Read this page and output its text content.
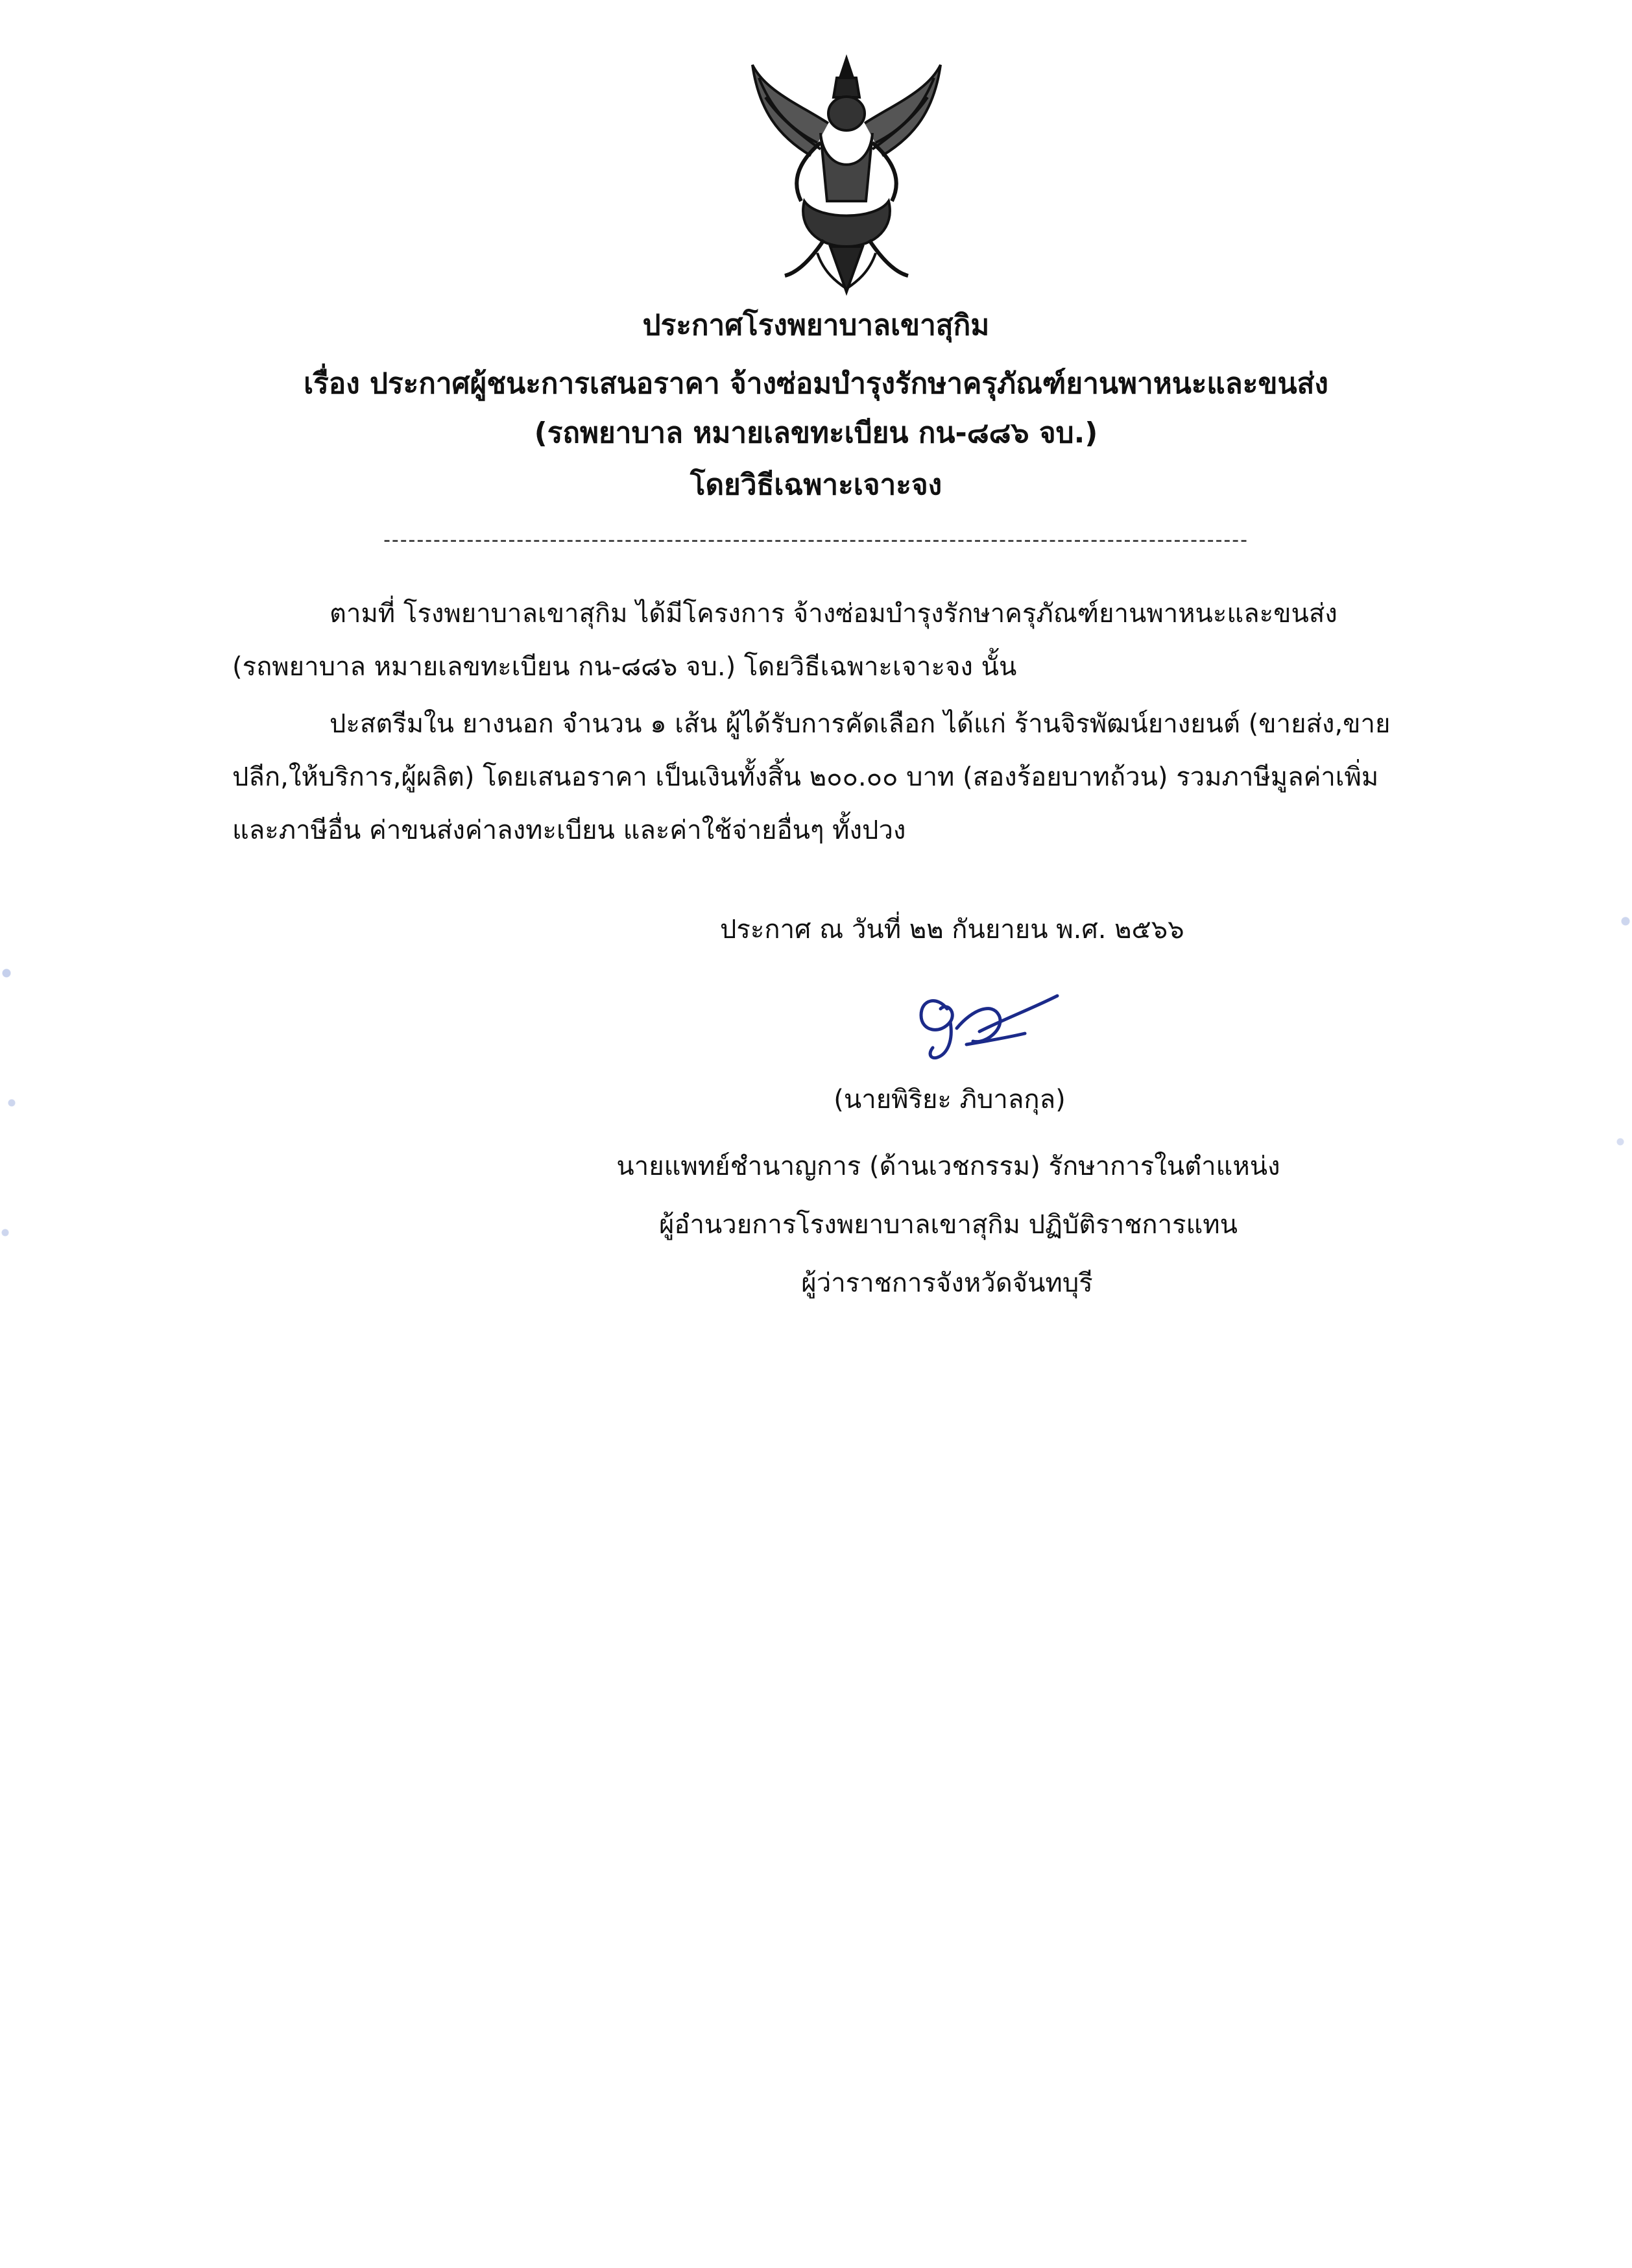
ประกาศโรงพยาบาลเขาสุกิม
เรื่อง ประกาศผู้ชนะการเสนอราคา จ้างซ่อมบำรุงรักษาครุภัณฑ์ยานพาหนะและขนส่ง
(รถพยาบาล หมายเลขทะเบียน กน-๘๘๖ จบ.)
โดยวิธีเฉพาะเจาะจง
--------------------------------------------------------------------------------------------------------
ตามที่ โรงพยาบาลเขาสุกิม ได้มีโครงการ จ้างซ่อมบำรุงรักษาครุภัณฑ์ยานพาหนะและขนส่ง
(รถพยาบาล หมายเลขทะเบียน กน-๘๘๖ จบ.) โดยวิธีเฉพาะเจาะจง นั้น
ปะสตรีมใน ยางนอก จำนวน ๑ เส้น ผู้ได้รับการคัดเลือก ได้แก่ ร้านจิรพัฒน์ยางยนต์ (ขายส่ง,ขาย
ปลีก,ให้บริการ,ผู้ผลิต) โดยเสนอราคา เป็นเงินทั้งสิ้น ๒๐๐.๐๐ บาท (สองร้อยบาทถ้วน) รวมภาษีมูลค่าเพิ่ม
และภาษีอื่น ค่าขนส่งค่าลงทะเบียน และค่าใช้จ่ายอื่นๆ ทั้งปวง
ประกาศ ณ วันที่ ๒๒ กันยายน พ.ศ. ๒๕๖๖
(นายพิริยะ ภิบาลกุล)
นายแพทย์ชำนาญการ (ด้านเวชกรรม) รักษาการในตำแหน่ง
ผู้อำนวยการโรงพยาบาลเขาสุกิม ปฏิบัติราชการแทน
ผู้ว่าราชการจังหวัดจันทบุรี
